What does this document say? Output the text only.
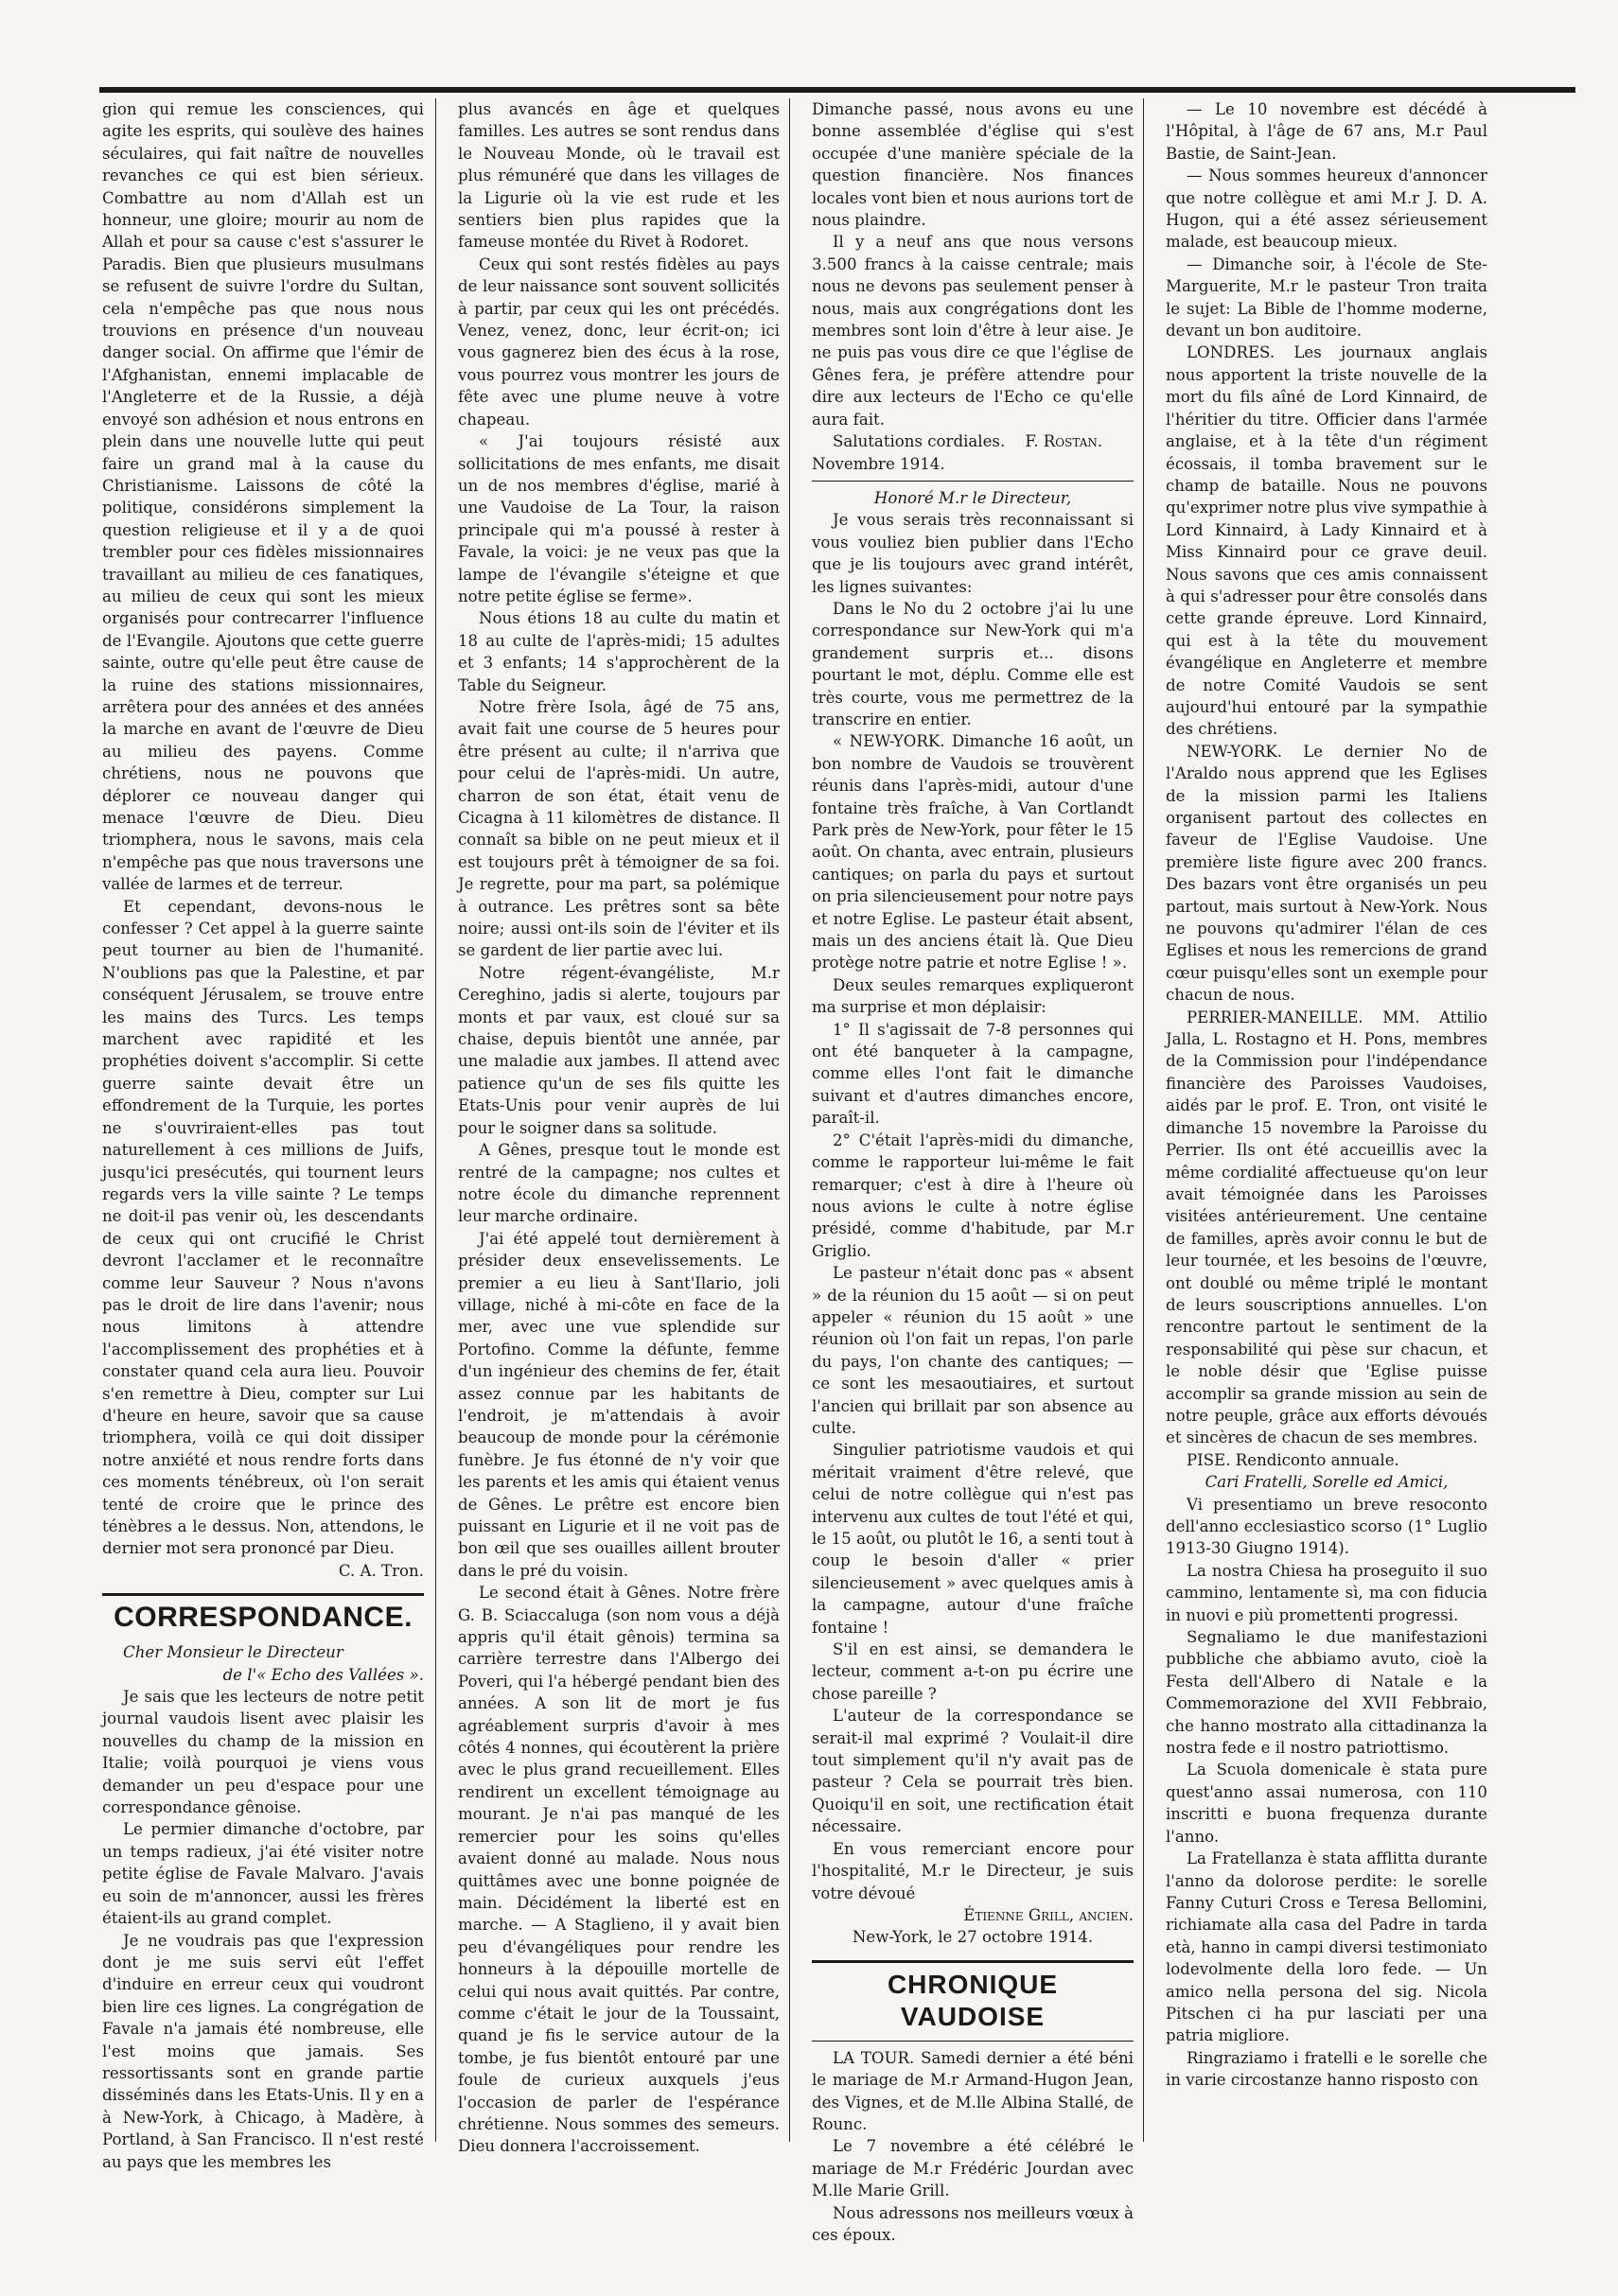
gion qui remue les consciences, qui agite les esprits, qui soulève des haines séculaires, qui fait naître de nouvelles revanches ce qui est bien sérieux. Combattre au nom d'Allah est un honneur, une gloire; mourir au nom de Allah et pour sa cause c'est s'assurer le Paradis. Bien que plusieurs musulmans se refusent de suivre l'ordre du Sultan, cela n'empêche pas que nous nous trouvions en présence d'un nouveau danger social. On affirme que l'émir de l'Afghanistan, ennemi implacable de l'Angleterre et de la Russie, a déjà envoyé son adhésion et nous entrons en plein dans une nouvelle lutte qui peut faire un grand mal à la cause du Christianisme. Laissons de côté la politique, considérons simplement la question religieuse et il y a de quoi trembler pour ces fidèles missionnaires travaillant au milieu de ces fanatiques, au milieu de ceux qui sont les mieux organisés pour contrecarrer l'influence de l'Evangile. Ajoutons que cette guerre sainte, outre qu'elle peut être cause de la ruine des stations missionnaires, arrêtera pour des années et des années la marche en avant de l'œuvre de Dieu au milieu des payens. Comme chrétiens, nous ne pouvons que déplorer ce nouveau danger qui menace l'œuvre de Dieu. Dieu triomphera, nous le savons, mais cela n'empêche pas que nous traversons une vallée de larmes et de terreur.

Et cependant, devons-nous le confesser ? Cet appel à la guerre sainte peut tourner au bien de l'humanité. N'oublions pas que la Palestine, et par conséquent Jérusalem, se trouve entre les mains des Turcs. Les temps marchent avec rapidité et les prophéties doivent s'accomplir. Si cette guerre sainte devait être un effondrement de la Turquie, les portes ne s'ouvriraient-elles pas tout naturellement à ces millions de Juifs, jusqu'ici presécutés, qui tournent leurs regards vers la ville sainte ? Le temps ne doit-il pas venir où, les descendants de ceux qui ont crucifié le Christ devront l'acclamer et le reconnaître comme leur Sauveur ? Nous n'avons pas le droit de lire dans l'avenir; nous nous limitons à attendre l'accomplissement des prophéties et à constater quand cela aura lieu. Pouvoir s'en remettre à Dieu, compter sur Lui d'heure en heure, savoir que sa cause triomphera, voilà ce qui doit dissiper notre anxiété et nous rendre forts dans ces moments ténébreux, où l'on serait tenté de croire que le prince des ténèbres a le dessus. Non, attendons, le dernier mot sera prononcé par Dieu.

C. A. Tron.

CORRESPONDANCE.

Cher Monsieur le Directeur

de l'« Echo des Vallées ».

Je sais que les lecteurs de notre petit journal vaudois lisent avec plaisir les nouvelles du champ de la mission en Italie; voilà pourquoi je viens vous demander un peu d'espace pour une correspondance gênoise.

Le permier dimanche d'octobre, par un temps radieux, j'ai été visiter notre petite église de Favale Malvaro. J'avais eu soin de m'annoncer, aussi les frères étaient-ils au grand complet.

Je ne voudrais pas que l'expression dont je me suis servi eût l'effet d'induire en erreur ceux qui voudront bien lire ces lignes. La congrégation de Favale n'a jamais été nombreuse, elle l'est moins que jamais. Ses ressortissants sont en grande partie disséminés dans les Etats-Unis. Il y en a à New-York, à Chicago, à Madère, à Portland, à San Francisco. Il n'est resté au pays que les membres les

plus avancés en âge et quelques familles. Les autres se sont rendus dans le Nouveau Monde, où le travail est plus rémunéré que dans les villages de la Ligurie où la vie est rude et les sentiers bien plus rapides que la fameuse montée du Rivet à Rodoret.

Ceux qui sont restés fidèles au pays de leur naissance sont souvent sollicités à partir, par ceux qui les ont précédés. Venez, venez, donc, leur écrit-on; ici vous gagnerez bien des écus à la rose, vous pourrez vous montrer les jours de fête avec une plume neuve à votre chapeau.

« J'ai toujours résisté aux sollicitations de mes enfants, me disait un de nos membres d'église, marié à une Vaudoise de La Tour, la raison principale qui m'a poussé à rester à Favale, la voici: je ne veux pas que la lampe de l'évangile s'éteigne et que notre petite église se ferme».

Nous étions 18 au culte du matin et 18 au culte de l'après-midi; 15 adultes et 3 enfants; 14 s'approchèrent de la Table du Seigneur.

Notre frère Isola, âgé de 75 ans, avait fait une course de 5 heures pour être présent au culte; il n'arriva que pour celui de l'après-midi. Un autre, charron de son état, était venu de Cicagna à 11 kilomètres de distance. Il connaît sa bible on ne peut mieux et il est toujours prêt à témoigner de sa foi. Je regrette, pour ma part, sa polémique à outrance. Les prêtres sont sa bête noire; aussi ont-ils soin de l'éviter et ils se gardent de lier partie avec lui.

Notre régent-évangéliste, M.r Cereghino, jadis si alerte, toujours par monts et par vaux, est cloué sur sa chaise, depuis bientôt une année, par une maladie aux jambes. Il attend avec patience qu'un de ses fils quitte les Etats-Unis pour venir auprès de lui pour le soigner dans sa solitude.

A Gênes, presque tout le monde est rentré de la campagne; nos cultes et notre école du dimanche reprennent leur marche ordinaire.

J'ai été appelé tout dernièrement à présider deux ensevelissements. Le premier a eu lieu à Sant'Ilario, joli village, niché à mi-côte en face de la mer, avec une vue splendide sur Portofino. Comme la défunte, femme d'un ingénieur des chemins de fer, était assez connue par les habitants de l'endroit, je m'attendais à avoir beaucoup de monde pour la cérémonie funèbre. Je fus étonné de n'y voir que les parents et les amis qui étaient venus de Gênes. Le prêtre est encore bien puissant en Ligurie et il ne voit pas de bon œil que ses ouailles aillent brouter dans le pré du voisin.

Le second était à Gênes. Notre frère G. B. Sciaccaluga (son nom vous a déjà appris qu'il était gênois) termina sa carrière terrestre dans l'Albergo dei Poveri, qui l'a hébergé pendant bien des années. A son lit de mort je fus agréablement surpris d'avoir à mes côtés 4 nonnes, qui écoutèrent la prière avec le plus grand recueillement. Elles rendirent un excellent témoignage au mourant. Je n'ai pas manqué de les remercier pour les soins qu'elles avaient donné au malade. Nous nous quittâmes avec une bonne poignée de main. Décidément la liberté est en marche. — A Staglieno, il y avait bien peu d'évangéliques pour rendre les honneurs à la dépouille mortelle de celui qui nous avait quittés. Par contre, comme c'était le jour de la Toussaint, quand je fis le service autour de la tombe, je fus bientôt entouré par une foule de curieux auxquels j'eus l'occasion de parler de l'espérance chrétienne. Nous sommes des semeurs. Dieu donnera l'accroissement.

Dimanche passé, nous avons eu une bonne assemblée d'église qui s'est occupée d'une manière spéciale de la question financière. Nos finances locales vont bien et nous aurions tort de nous plaindre.

Il y a neuf ans que nous versons 3.500 francs à la caisse centrale; mais nous ne devons pas seulement penser à nous, mais aux congrégations dont les membres sont loin d'être à leur aise. Je ne puis pas vous dire ce que l'église de Gênes fera, je préfère attendre pour dire aux lecteurs de l'Echo ce qu'elle aura fait.

Salutations cordiales. F. Rostan.

Novembre 1914.

Honoré M.r le Directeur,

Je vous serais très reconnaissant si vous vouliez bien publier dans l'Echo que je lis toujours avec grand intérêt, les lignes suivantes:

Dans le No du 2 octobre j'ai lu une correspondance sur New-York qui m'a grandement surpris et... disons pourtant le mot, déplu. Comme elle est très courte, vous me permettrez de la transcrire en entier.

« NEW-YORK. Dimanche 16 août, un bon nombre de Vaudois se trouvèrent réunis dans l'après-midi, autour d'une fontaine très fraîche, à Van Cortlandt Park près de New-York, pour fêter le 15 août. On chanta, avec entrain, plusieurs cantiques; on parla du pays et surtout on pria silencieusement pour notre pays et notre Eglise. Le pasteur était absent, mais un des anciens était là. Que Dieu protège notre patrie et notre Eglise ! ».

Deux seules remarques expliqueront ma surprise et mon déplaisir:

1° Il s'agissait de 7-8 personnes qui ont été banqueter à la campagne, comme elles l'ont fait le dimanche suivant et d'autres dimanches encore, paraît-il.

2° C'était l'après-midi du dimanche, comme le rapporteur lui-même le fait remarquer; c'est à dire à l'heure où nous avions le culte à notre église présidé, comme d'habitude, par M.r Griglio.

Le pasteur n'était donc pas « absent » de la réunion du 15 août — si on peut appeler « réunion du 15 août » une réunion où l'on fait un repas, l'on parle du pays, l'on chante des cantiques; — ce sont les mesaoutiaires, et surtout l'ancien qui brillait par son absence au culte.

Singulier patriotisme vaudois et qui méritait vraiment d'être relevé, que celui de notre collègue qui n'est pas intervenu aux cultes de tout l'été et qui, le 15 août, ou plutôt le 16, a senti tout à coup le besoin d'aller « prier silencieusement » avec quelques amis à la campagne, autour d'une fraîche fontaine !

S'il en est ainsi, se demandera le lecteur, comment a-t-on pu écrire une chose pareille ?

L'auteur de la correspondance se serait-il mal exprimé ? Voulait-il dire tout simplement qu'il n'y avait pas de pasteur ? Cela se pourrait très bien. Quoiqu'il en soit, une rectification était nécessaire.

En vous remerciant encore pour l'hospitalité, M.r le Directeur, je suis votre dévoué

Étienne Grill, ancien.

New-York, le 27 octobre 1914.

CHRONIQUE VAUDOISE

LA TOUR. Samedi dernier a été béni le mariage de M.r Armand-Hugon Jean, des Vignes, et de M.lle Albina Stallé, de Rounc.

Le 7 novembre a été célébré le mariage de M.r Frédéric Jourdan avec M.lle Marie Grill.

Nous adressons nos meilleurs vœux à ces époux.

— Le 10 novembre est décédé à l'Hôpital, à l'âge de 67 ans, M.r Paul Bastie, de Saint-Jean.

— Nous sommes heureux d'annoncer que notre collègue et ami M.r J. D. A. Hugon, qui a été assez sérieusement malade, est beaucoup mieux.

— Dimanche soir, à l'école de Ste-Marguerite, M.r le pasteur Tron traita le sujet: La Bible de l'homme moderne, devant un bon auditoire.

LONDRES. Les journaux anglais nous apportent la triste nouvelle de la mort du fils aîné de Lord Kinnaird, de l'héritier du titre. Officier dans l'armée anglaise, et à la tête d'un régiment écossais, il tomba bravement sur le champ de bataille. Nous ne pouvons qu'exprimer notre plus vive sympathie à Lord Kinnaird, à Lady Kinnaird et à Miss Kinnaird pour ce grave deuil. Nous savons que ces amis connaissent à qui s'adresser pour être consolés dans cette grande épreuve. Lord Kinnaird, qui est à la tête du mouvement évangélique en Angleterre et membre de notre Comité Vaudois se sent aujourd'hui entouré par la sympathie des chrétiens.

NEW-YORK. Le dernier No de l'Araldo nous apprend que les Eglises de la mission parmi les Italiens organisent partout des collectes en faveur de l'Eglise Vaudoise. Une première liste figure avec 200 francs. Des bazars vont être organisés un peu partout, mais surtout à New-York. Nous ne pouvons qu'admirer l'élan de ces Eglises et nous les remercions de grand cœur puisqu'elles sont un exemple pour chacun de nous.

PERRIER-MANEILLE. MM. Attilio Jalla, L. Rostagno et H. Pons, membres de la Commission pour l'indépendance financière des Paroisses Vaudoises, aidés par le prof. E. Tron, ont visité le dimanche 15 novembre la Paroisse du Perrier. Ils ont été accueillis avec la même cordialité affectueuse qu'on leur avait témoignée dans les Paroisses visitées antérieurement. Une centaine de familles, après avoir connu le but de leur tournée, et les besoins de l'œuvre, ont doublé ou même triplé le montant de leurs souscriptions annuelles. L'on rencontre partout le sentiment de la responsabilité qui pèse sur chacun, et le noble désir que 'Eglise puisse accomplir sa grande mission au sein de notre peuple, grâce aux efforts dévoués et sincères de chacun de ses membres.

PISE. Rendiconto annuale.

Cari Fratelli, Sorelle ed Amici,

Vi presentiamo un breve resoconto dell'anno ecclesiastico scorso (1° Luglio 1913-30 Giugno 1914).

La nostra Chiesa ha proseguito il suo cammino, lentamente sì, ma con fiducia in nuovi e più promettenti progressi.

Segnaliamo le due manifestazioni pubbliche che abbiamo avuto, cioè la Festa dell'Albero di Natale e la Commemorazione del XVII Febbraio, che hanno mostrato alla cittadinanza la nostra fede e il nostro patriottismo.

La Scuola domenicale è stata pure quest'anno assai numerosa, con 110 inscritti e buona frequenza durante l'anno.

La Fratellanza è stata afflitta durante l'anno da dolorose perdite: le sorelle Fanny Cuturi Cross e Teresa Bellomini, richiamate alla casa del Padre in tarda età, hanno in campi diversi testimoniato lodevolmente della loro fede. — Un amico nella persona del sig. Nicola Pitschen ci ha pur lasciati per una patria migliore.

Ringraziamo i fratelli e le sorelle che in varie circostanze hanno risposto con
